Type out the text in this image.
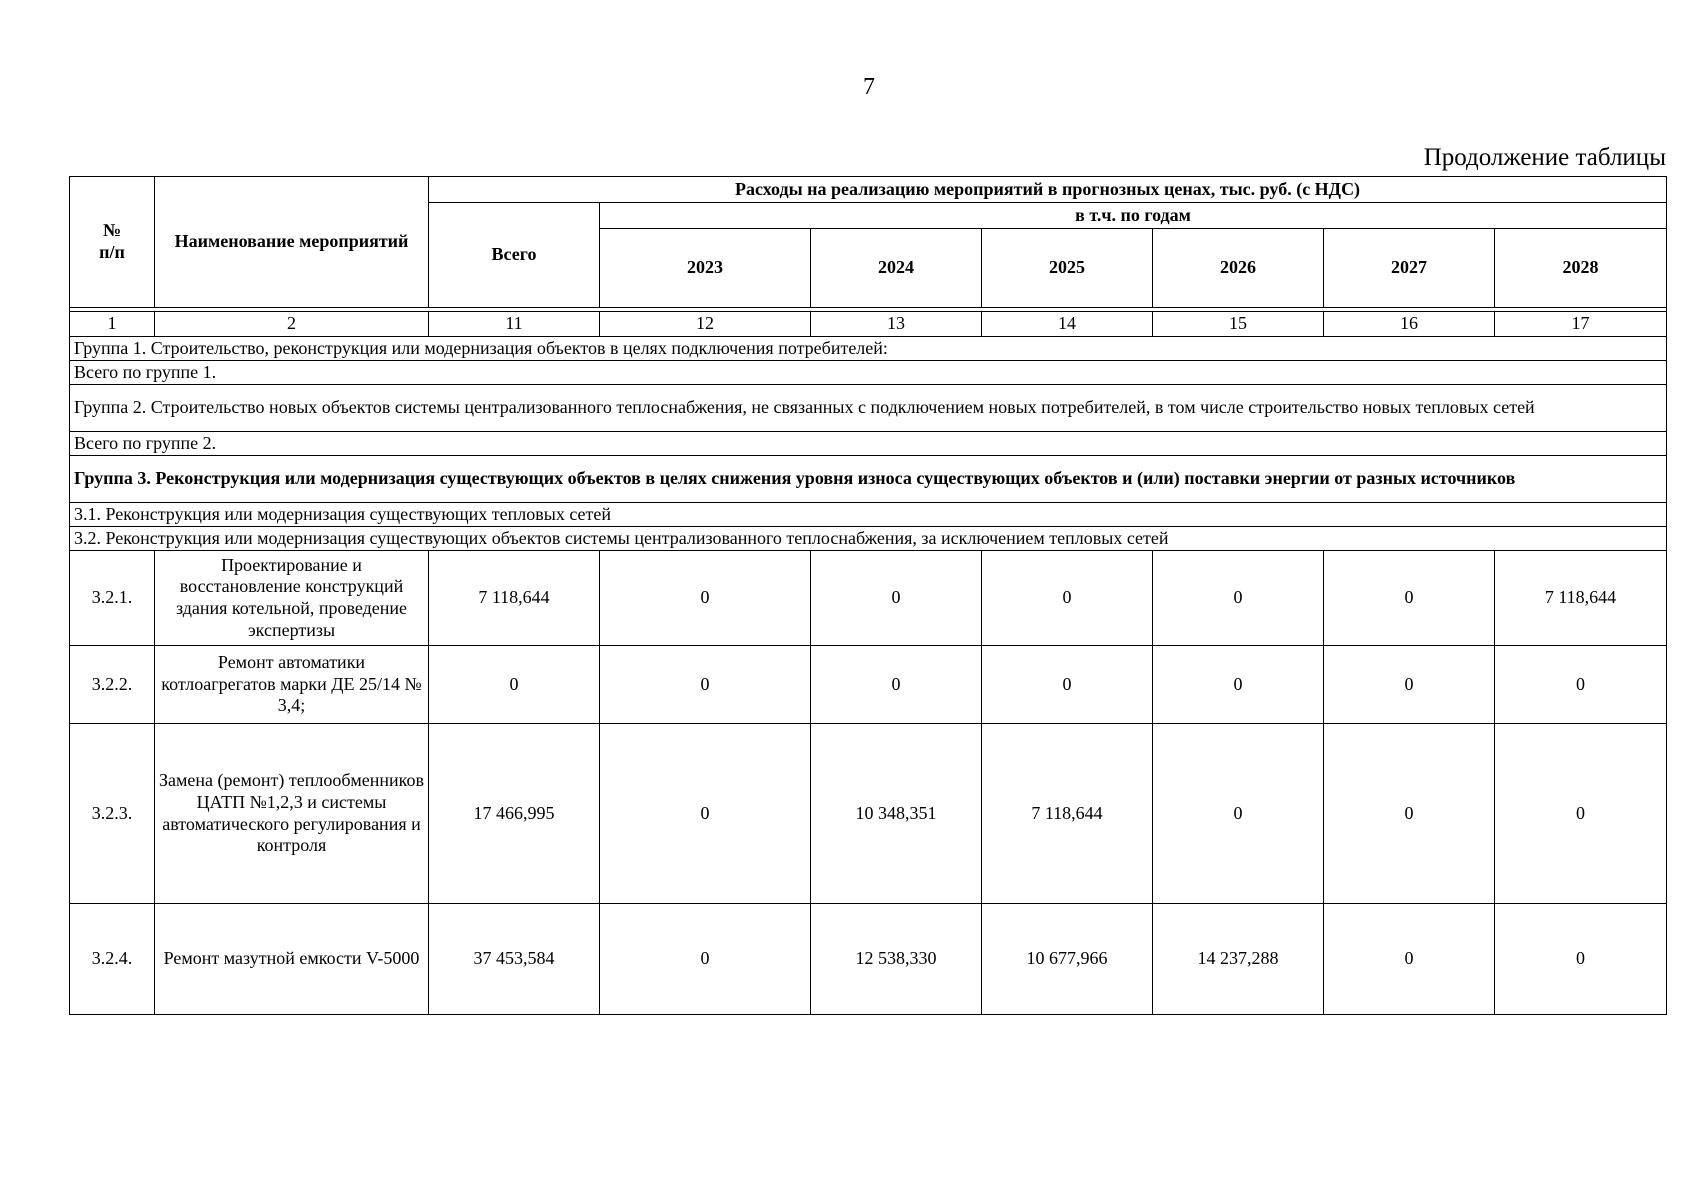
7
Продолжение таблицы
№
п/п	Наименование мероприятий	Расходы на реализацию мероприятий в прогнозных ценах, тыс. руб. (с НДС)						
		Всего	в т.ч. по годам					
			2023	2024	2025	2026	2027	2028

1	2	11	12	13	14	15	16	17
Группа 1. Строительство, реконструкция или модернизация объектов в целях подключения потребителей:								
Всего по группе 1.								
Группа 2. Строительство новых объектов системы централизованного теплоснабжения, не связанных с подключением новых потребителей, в том числе строительство новых тепловых сетей								
Всего по группе 2.								
Группа 3. Реконструкция или модернизация существующих объектов в целях снижения уровня износа существующих объектов и (или) поставки энергии от разных источников								
3.1. Реконструкция или модернизация существующих тепловых сетей								
3.2. Реконструкция или модернизация существующих объектов системы централизованного теплоснабжения, за исключением тепловых сетей								
3.2.1.	Проектирование и восстановление конструкций здания котельной, проведение экспертизы	7 118,644	0	0	0	0	0	7 118,644
3.2.2.	Ремонт автоматики котлоагрегатов марки ДЕ 25/14 № 3,4;	0	0	0	0	0	0	0
3.2.3.	Замена (ремонт) теплообменников ЦАТП №1,2,3 и системы автоматического регулирования и контроля	17 466,995	0	10 348,351	7 118,644	0	0	0
3.2.4.	Ремонт мазутной емкости V-5000	37 453,584	0	12 538,330	10 677,966	14 237,288	0	0
